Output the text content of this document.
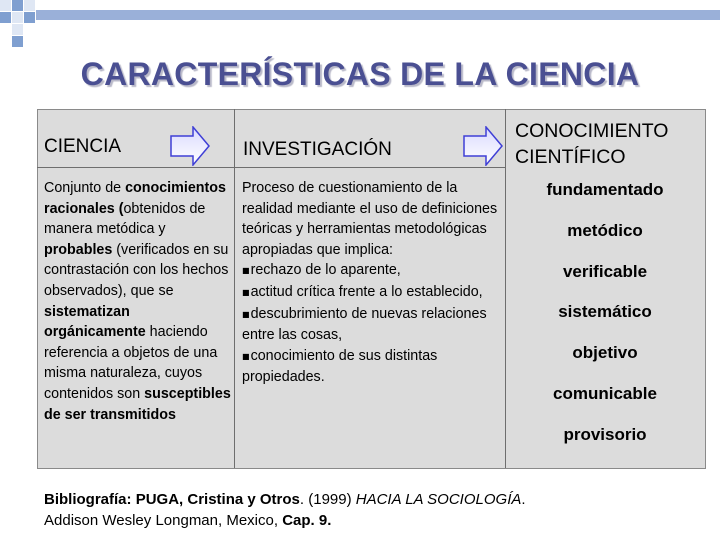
CARACTERÍSTICAS DE LA CIENCIA
CIENCIA	INVESTIGACIÓN
CONOCIMIENTO
CIENTÍFICO
Conjunto de conocimientos racionales (obtenidos de manera metódica y probables (verificados en su contrastación con los hechos observados), que se sistematizan orgánicamente haciendo referencia a objetos de una misma naturaleza, cuyos contenidos son susceptibles de ser transmitidos
Proceso de cuestionamiento de la realidad mediante el uso de definiciones teóricas y herramientas metodológicas apropiadas que implica:
■rechazo de lo aparente,
■actitud crítica frente a lo establecido,
■descubrimiento de nuevas relaciones entre las cosas,
■conocimiento de sus distintas propiedades.
fundamentado
metódico
verificable
sistemático
objetivo
comunicable
provisorio
Bibliografía: PUGA, Cristina y Otros. (1999) HACIA LA SOCIOLOGÍA.
Addison Wesley Longman, Mexico, Cap. 9.
